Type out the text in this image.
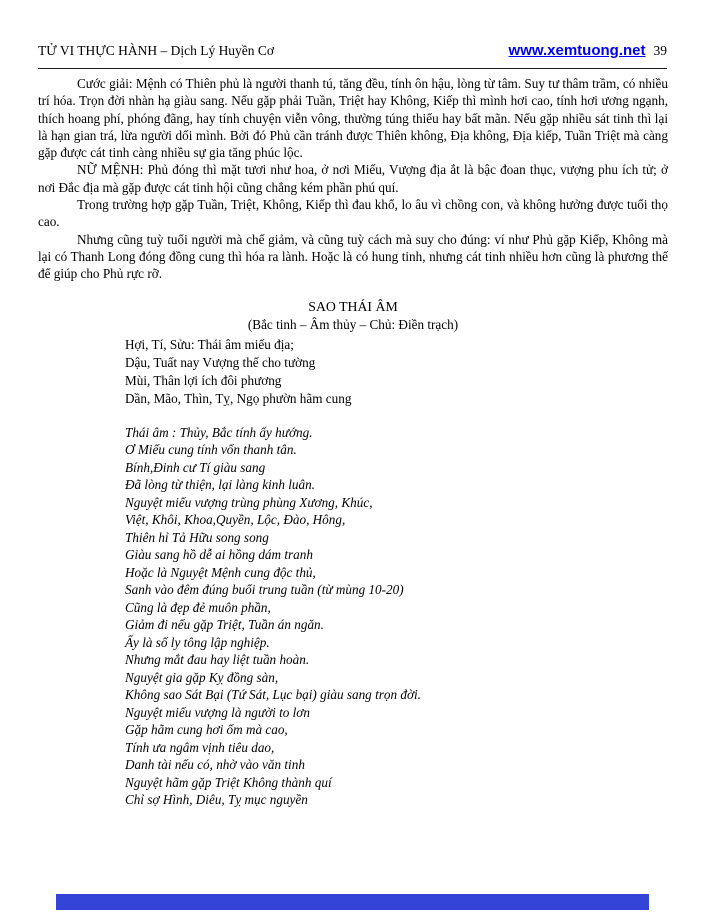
TỬ VI THỰC HÀNH – Dịch Lý Huyền Cơ	www.xemtuong.net 39

Cước giải: Mệnh có Thiên phủ là người thanh tú, tăng đều, tính ôn hậu, lòng từ tâm. Suy tư thâm trầm, có nhiều trí hóa. Trọn đời nhàn hạ giàu sang. Nếu gặp phải Tuần, Triệt hay Không, Kiếp thì mình hơi cao, tính hơi ương ngạnh, thích hoang phí, phóng đãng, hay tính chuyện viễn vông, thường túng thiếu hay bất mãn. Nếu gặp nhiều sát tinh thì lại là hạn gian trá, lừa người dối mình. Bởi đó Phủ cần tránh được Thiên không, Địa không, Địa kiếp, Tuần Triệt mà càng gặp được cát tinh càng nhiều sự gia tăng phúc lộc.

NỮ MỆNH: Phủ đóng thì mặt tươi như hoa, ở nơi Miếu, Vượng địa ắt là bậc đoan thục, vượng phu ích tử; ở nơi Đắc địa mà gặp được cát tinh hội cũng chẳng kém phần phú quí.

Trong trường hợp gặp Tuần, Triệt, Không, Kiếp thì đau khổ, lo âu vì chồng con, và không hưởng được tuổi thọ cao.

Nhưng cũng tuỳ tuổi người mà chế giảm, và cũng tuỳ cách mà suy cho đúng: ví như Phủ gặp Kiếp, Không mà lại có Thanh Long đóng đồng cung thì hóa ra lành. Hoặc là có hung tinh, nhưng cát tinh nhiều hơn cũng là phương thế để giúp cho Phủ rực rỡ.

SAO THÁI ÂM
(Bắc tinh – Âm thủy – Chủ: Điền trạch)
Hợi, Tí, Sửu: Thái âm miếu địa;
Dậu, Tuất nay Vượng thế cho tường
Mùi, Thân lợi ích đôi phương
Dần, Mão, Thìn, Tỵ, Ngọ phườn hãm cung
Thái âm : Thủy, Bắc tính ấy hướng.
Ơ Miếu cung tính vốn thanh tân.
Bính,Đinh cư Tí giàu sang
Đã lòng từ thiện, lại làng kinh luân.
Nguyệt miếu vượng trùng phùng Xương, Khúc,
Việt, Khôi, Khoa,Quyền, Lộc, Đào, Hông,
Thiên hỉ Tả Hữu song song
Giàu sang hồ dễ ai hồng dám tranh
Hoặc là Nguyệt Mệnh cung độc thủ,
Sanh vào đêm đúng buổi trung tuần (từ mùng 10-20)
Cũng là đẹp đẻ muôn phần,
Giảm đi nếu gặp Triệt, Tuần án ngăn.
Ấy là số ly tông lập nghiệp.
Nhưng mắt đau hay liệt tuần hoàn.
Nguyệt gia gặp Kỵ đồng sàn,
Không sao Sát Bại (Tứ Sát, Lục bại) giàu sang trọn đời.
Nguyệt miếu vượng là người to lơn
Gặp hãm cung hơi ốm mà cao,
Tính ưa ngâm vịnh tiêu dao,
Danh tài nếu có, nhờ vào văn tinh
Nguyệt hãm gặp Triệt Không thành quí
Chỉ sợ Hình, Diêu, Tỵ mục nguyền
